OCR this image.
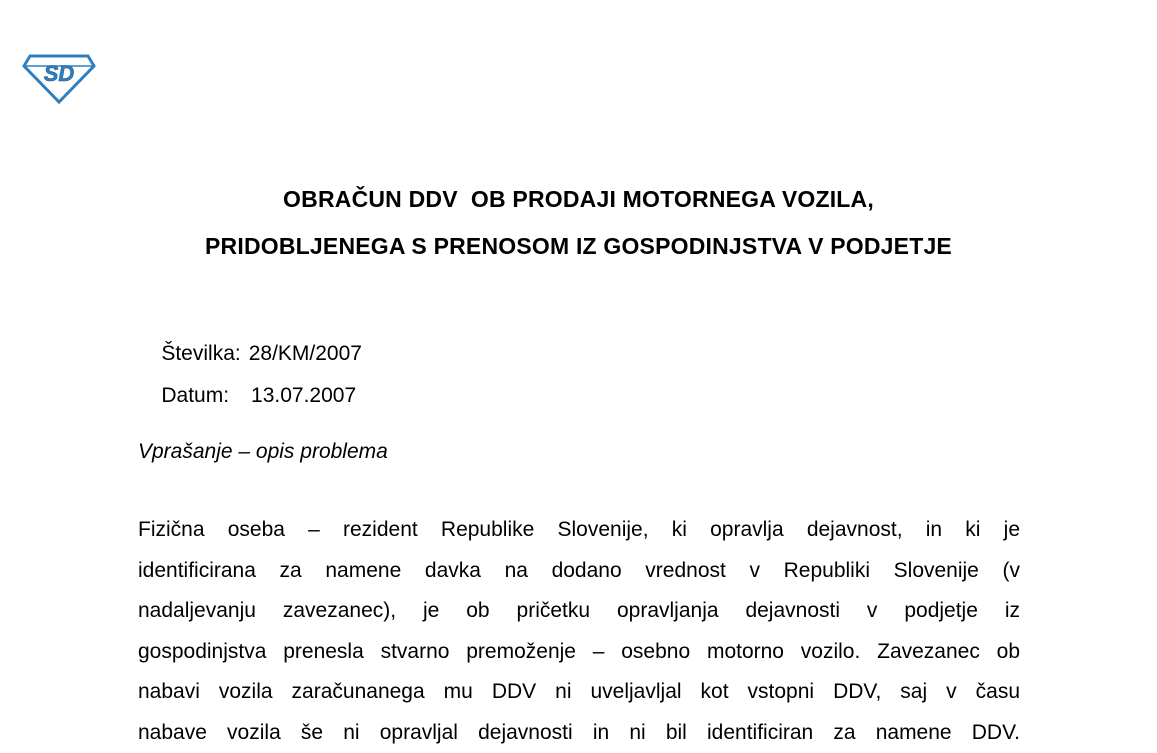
SD
OBRAČUN DDV  OB PRODAJI MOTORNEGA VOZILA,
PRIDOBLJENEGA S PRENOSOM IZ GOSPODINJSTVA V PODJETJE

Številka: 28/KM/2007

Datum: 13.07.2007

Vprašanje – opis problema
Fizična oseba – rezident Republike Slovenije, ki opravlja dejavnost, in ki je
identificirana za namene davka na dodano vrednost v Republiki Slovenije (v
nadaljevanju zavezanec), je ob pričetku opravljanja dejavnosti v podjetje iz
gospodinjstva prenesla stvarno premoženje – osebno motorno vozilo. Zavezanec ob
nabavi vozila zaračunanega mu DDV ni uveljavljal kot vstopni DDV, saj v času
nabave vozila še ni opravljal dejavnosti in ni bil identificiran za namene DDV.
